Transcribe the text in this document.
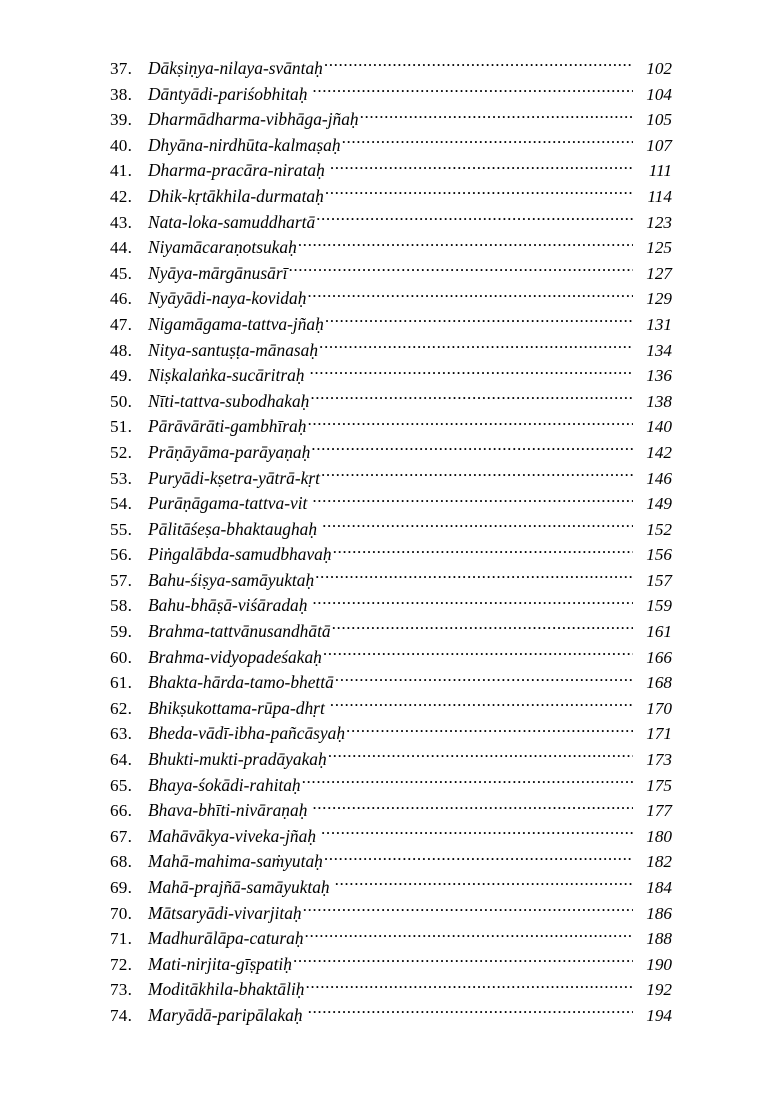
37. Dākṣiṇya-nilaya-svāntaḥ .....	102
38. Dāntyādi-pariśobhitaḥ .....	104
39. Dharmādharma-vibhāga-jñaḥ .....	105
40. Dhyāna-nirdhūta-kalmaṣaḥ .....	107
41. Dharma-pracāra-nirataḥ .....	111
42. Dhik-kṛtākhila-durmataḥ .....	114
43. Nata-loka-samuddhartā .....	123
44. Niyamācaraṇotsukaḥ .....	125
45. Nyāya-mārgānusārī .....	127
46. Nyāyādi-naya-kovidaḥ .....	129
47. Nigamāgama-tattva-jñaḥ .....	131
48. Nitya-santuṣṭa-mānasaḥ .....	134
49. Niṣkalaṅka-sucāritraḥ .....	136
50. Nīti-tattva-subodhakaḥ .....	138
51. Pārāvārāti-gambhīraḥ .....	140
52. Prāṇāyāma-parāyaṇaḥ .....	142
53. Puryādi-kṣetra-yātrā-kṛt .....	146
54. Purāṇāgama-tattva-vit .....	149
55. Pālitāśeṣa-bhaktaughaḥ .....	152
56. Piṅgalābda-samudbhavaḥ .....	156
57. Bahu-śiṣya-samāyuktaḥ .....	157
58. Bahu-bhāṣā-viśāradaḥ .....	159
59. Brahma-tattvānusandhātā .....	161
60. Brahma-vidyopadeśakaḥ .....	166
61. Bhakta-hārda-tamo-bhettā .....	168
62. Bhikṣukottama-rūpa-dhṛt .....	170
63. Bheda-vādī-ibha-pañcāsyaḥ .....	171
64. Bhukti-mukti-pradāyakaḥ .....	173
65. Bhaya-śokādi-rahitaḥ .....	175
66. Bhava-bhīti-nivāraṇaḥ .....	177
67. Mahāvākya-viveka-jñaḥ .....	180
68. Mahā-mahima-saṁyutaḥ .....	182
69. Mahā-prajñā-samāyuktaḥ .....	184
70. Mātsaryādi-vivarjitaḥ .....	186
71. Madhurālāpa-caturaḥ .....	188
72. Mati-nirjita-gīṣpatiḥ .....	190
73. Moditākhila-bhaktāliḥ .....	192
74. Maryādā-paripālakaḥ .....	194
